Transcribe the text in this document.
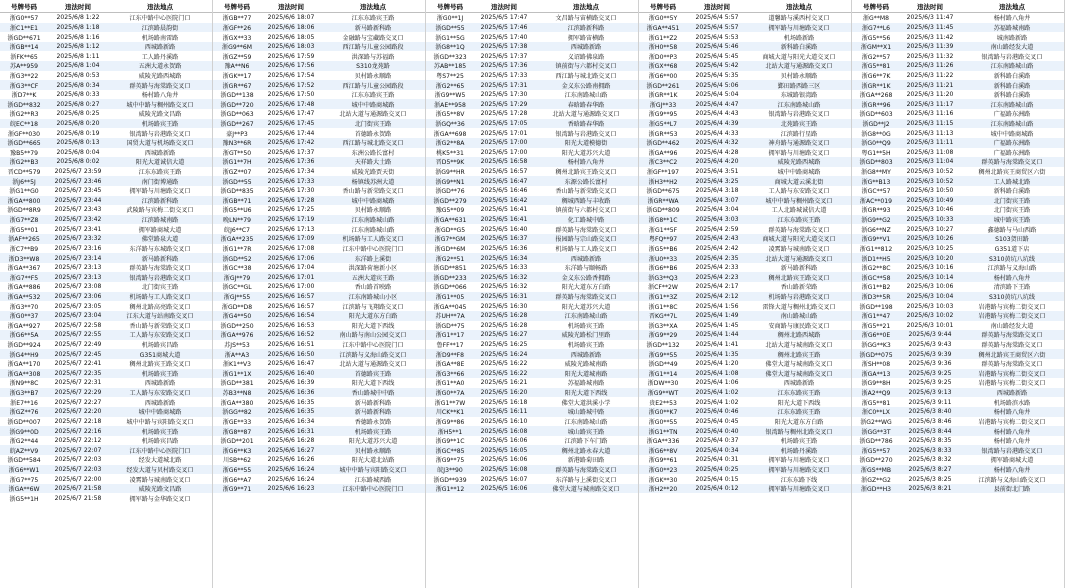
号牌号码	违法时间	违法地点
浙G0**57	2025/6/8 1:22	江东中路中心医院门口
浙C1**E1	2025/6/8 1:18	江滨路晨韵街
浙GD**671	2025/6/8 1:16	机场路南雷路
浙GB**14	2025/6/8 1:12	西城路新路
浙FK**65	2025/6/8 1:11	工人路丹溪路
苏A**959	2025/6/8 1:04	五洲大道永贺路
浙G3**22	2025/6/8 0:53	威陵光路西城路
浙G3**CF	2025/6/8 0:34	群英路与海棠路交叉口
浙D7**K	2025/6/8 0:33	杨村路八角井
浙GD**832	2025/6/8 0:27	城中中路与稠州路交叉口
浙G2**R3	2025/6/8 0:25	威陵光路文昌路
皖EC**18	2025/6/8 0:20	机场路宾王路
浙GF**030	2025/6/8 0:19	银湾路与岩港路交叉口
浙GD**665	2025/6/8 0:13	国贸大道与机场路交叉口
豫B5**79	2025/6/8 0:04	西城路新路
浙G2**B3	2025/6/8 0:02	阳光大道诚信大道
晋CD**579	2025/6/7 23:59	江东东路宾王路
浙J6**5J	2025/6/7 23:46	南门街博通路
浙G1**G0	2025/6/7 23:45	拥军路与川塘路交叉口
浙GA**800	2025/6/7 23:44	江滨路新科路
浙GD**8R9	2025/6/7 23:43	武陵路与宾梅二街交叉口
浙G7**Z8	2025/6/7 23:42	江滨路城南路
浙G5**01	2025/6/7 23:41	拥军路商城大道
浙AF**265	2025/6/7 23:32	佛堂路泉大道
浙C7**B9	2025/6/7 23:16	东洋路与东城路交叉口
浙D3**W8	2025/6/7 23:14	新马路新科路
浙GA**367	2025/6/7 23:13	群英路与海棠路交叉口
浙G7**F5	2025/6/7 23:13	银湾路与岩港路交叉口
浙GA**886	2025/6/7 23:08	北门街宾王路
浙GA**532	2025/6/7 23:06	机场路与工人路交叉口
浙G3**70	2025/6/7 23:05	稠州北路高亮路交叉口
浙G0**37	2025/6/7 23:04	江东大道与站南路交叉口
浙GA**927	2025/6/7 22:58	香山路与新荣路交叉口
浙G6**5A	2025/6/7 22:55	工人路与东安路交叉口
浙GD**924	2025/6/7 22:49	机场路宾昌路
浙G4**H9	2025/6/7 22:45	G351商城大道
浙GA**170	2025/6/7 22:41	稠州北路宾王路交叉口
浙GA**308	2025/6/7 22:35	机场路宾王路
浙N9**8C	2025/6/7 22:31	西城路新路
浙G3**B7	2025/6/7 22:29	工人路与东安路交叉口
浙E7**16	2025/6/7 22:27	西城路新路
浙GZ**76	2025/6/7 22:20	城中中路商城路
浙GD**007	2025/6/7 22:18	城中中路与宾阳路交叉口
浙G9**0D	2025/6/7 22:16	机场路宾王路
浙G2**44	2025/6/7 22:12	机场路宾昌路
皖AZ**V9	2025/6/7 22:07	江东中路中心医院门口
浙GD**584	2025/6/7 22:03	经发大道城北路
浙G6**W1	2025/6/7 22:03	经发大道与贝村路交叉口
浙G7**75	2025/6/7 22:00	凌霄路与城南路交叉口
浙GA**6W	2025/6/7 21:58	威陵光路文昌路
浙G5**1H	2025/6/7 21:58	拥军路与金华路交叉口
号牌号码	违法时间	违法地点
浙GB**77	2025/6/6 18:07	江东东路宾王路
浙GF**26	2025/6/6 18:06	新马路新科路
浙GX**33	2025/6/6 18:05	金融路与宝藏路交叉口
浙G9**6M	2025/6/6 18:03	西江路与儿童公园路段
浙GZ**59	2025/6/6 17:59	洪深路与苏福路
豫A**N6	2025/6/6 17:56	S310龙苑路
浙GK**17	2025/6/6 17:54	贝村路永顺路
浙GR**67	2025/6/6 17:52	西江路与儿童公园路段
浙GD**138	2025/6/6 17:50	江东东路宾王路
浙GD**720	2025/6/6 17:48	城中中路商城路
浙GD**063	2025/6/6 17:47	北站大道与通源路交叉口
浙GD**267	2025/6/6 17:45	北门街宾王路
豪J**P3	2025/6/6 17:44	首德路永贺路
豫N3**6R	2025/6/6 17:42	西江路与城北路交叉口
浙GT**50	2025/6/6 17:37	东洲公路长富村
浙G1**7H	2025/6/6 17:36	天祥路大土路
浙GZ**07	2025/6/6 17:34	威陵光路贾天街
浙GD**55	2025/6/6 17:33	杨镇线苏洲大道
浙GD**835	2025/6/6 17:30	香山路与新荣路交叉口
浙GB**71	2025/6/6 17:28	城中中路商城路
浙G5**U6	2025/6/6 17:25	贝村路永顺路
晚LN**79	2025/6/6 17:19	江东南路城山路
皖J6**C7	2025/6/6 17:13	江东南路城山路
浙GA**235	2025/6/6 17:09	机场路与工人路交叉口
浙G1**7R	2025/6/6 17:08	江东中路中心医院门口
浙GD**52	2025/6/6 17:06	东洋路上溪街
浙GC**38	2025/6/6 17:04	洪深路荷塘新小区
浙GJ**79	2025/6/6 17:01	五洲大道宾王路
浙GC**GL	2025/6/6 17:00	香山路首映路
浙GJ**55	2025/6/6 16:57	江东南路城山小区
浙GD**D8	2025/6/6 16:57	江滨路与飞翔路交叉口
浙G4**50	2025/6/6 16:54	阳光大道东方白路
浙GD**250	2025/6/6 16:53	阳光大道下西线
浙GA**976	2025/6/6 16:52	南山路与南山公园交叉口
苏JS**53	2025/6/6 16:51	江东中路中心医院门口
浙A**A3	2025/6/6 16:50	江滨路与义海山路交叉口
浙K1**V3	2025/6/6 16:47	北站大道与通源路交叉口
浙G1**1X	2025/6/6 16:40	首德路宾王路
浙GD**381	2025/6/6 16:39	阳光大道下西线
苏B3**N8	2025/6/6 16:36	香山路城中中路
浙GA**380	2025/6/6 16:35	新马路新科路
浙GG**82	2025/6/6 16:35	新马路新科路
浙GE**33	2025/6/6 16:34	香德路永贺路
浙G8**87	2025/6/6 16:31	机场路宾王路
浙GD**201	2025/6/6 16:28	阳光大道苏兴大道
浙G6**K3	2025/6/6 16:27	贝村路永顺路
川SB**62	2025/6/6 16:26	阳光大道北站路
浙G6**55	2025/6/6 16:24	城中中路与宾阳路交叉口
浙G6**A7	2025/6/6 16:24	江东路城西路
浙G9**71	2025/6/6 16:23	江东中路中心医院门口
号牌号码	违法时间	违法地点
浙G0**1J	2025/6/5 17:47	文昌路与宙横路交叉口
浙GD**55	2025/6/5 17:46	江滨路新科路
浙G1**5G	2025/6/5 17:40	拥军路宙横路
浙G8**1Q	2025/6/5 17:38	西城路新路
浙GD**323	2025/6/5 17:37	义诏路佛泉路
苏AB**185	2025/6/5 17:36	镇前街与六都村交叉口
粤S7**25	2025/6/5 17:33	西江路与城北路交叉口
浙G2**65	2025/6/5 17:31	金义东公路南拥路
浙G9**W5	2025/6/5 17:30	江东南路城山路
浙AE**958	2025/6/5 17:29	春晗路春华路
浙G5**8V	2025/6/5 17:28	北站大道与通源路交叉口
浙GQ**36	2025/6/5 17:05	香晗路春华路
浙GA**698	2025/6/5 17:01	银湾路与岩港路交叉口
浙G2**8A	2025/6/5 17:00	阳光大道模德街
桃K5**31	2025/6/5 17:00	阳光大道苏兴大道
晋D5**9K	2025/6/5 16:58	杨村路八角井
浙G9**HR	2025/6/5 16:57	稠州北路宾王路交叉口
浙G9**N1	2025/6/5 16:47	东源公路长富村
浙GD**76	2025/6/5 16:46	香山路与新荣路交叉口
浙GD**279	2025/6/5 16:42	稠城西路与丰收路
豫G5**09	2025/6/5 16:41	镇前街与六都村交叉口
浙GA**631	2025/6/5 16:41	化工路城中路
浙GD**G5	2025/6/5 16:40	群英路与海棠路交叉口
浙G7**GM	2025/6/5 16:37	报园路与宗山路交叉口
浙GD**6M	2025/6/5 16:36	机场路与工人路交叉口
浙G2**51	2025/6/5 16:34	西城路新路
浙GD**851	2025/6/5 16:33	东洋路与颐畅路
浙GD**233	2025/6/5 16:32	金义东公路香拥路
浙GD**066	2025/6/5 16:32	阳光大道东方白路
浙G1**05	2025/6/5 16:31	群英路与海棠路交叉口
浙GA**045	2025/6/5 16:30	阳光大道苏兴大道
苏UH**7A	2025/6/5 16:28	江东南路城山路
浙GD**75	2025/6/5 16:28	机场路宾王路
浙G1**17	2025/6/5 16:27	威陵光路松门里路
鲁FF**17	2025/6/5 16:25	机场路宾王路
浙D9**F8	2025/6/5 16:24	西城路新路
浙GA**8E	2025/6/5 16:22	威陵光路城南路
浙G3**66	2025/6/5 16:22	阳光大道城南路
浙G1**A0	2025/6/5 16:21	苏福路城南路
浙G0**7A	2025/6/5 16:20	阳光大道下西线
浙G1**7W	2025/6/5 16:18	佛堂大道洪溪小学
川CK**K1	2025/6/5 16:11	城山路城中路
浙G9**86	2025/6/5 16:10	江东南路城山路
浙H5**1	2025/6/5 16:08	城山路宾王路
浙G9**1C	2025/6/5 16:06	江滨路下车门路
浙GC**85	2025/6/5 16:05	稠州北路永春大道
浙G9**75	2025/6/5 16:06	新港路菊田路
皖J3**90	2025/6/5 16:08	群英路与海棠路交叉口
浙GD**939	2025/6/5 16:07	东洋路与上溪街交叉口
浙G1**12	2025/6/5 16:06	佛堂大道与城南路交叉口
号牌号码	违法时间	违法地点
浙G0**5Y	2025/6/4 5:57	道馨路与溪西村交叉口
浙GA**451	2025/6/4 5:57	拥军路与川塘路交叉口
浙G1**Z2	2025/6/4 5:53	机场路新路
浙H0**58	2025/6/4 5:46	新科路白溪路
浙D0**P3	2025/6/4 5:45	商城大道与阳光大道交叉口
浙GX**68	2025/6/4 5:42	北站大道与通源路交叉口
浙G6**00	2025/6/4 5:35	贝村路永顺路
浙GD**261	2025/6/4 5:06	鄞田路西路三区
浙GR**1K	2025/6/4 5:04	东城路银湾路
浙GJ**33	2025/6/4 4:47	江东南路城山路
浙G9**95	2025/6/4 4:43	银湾路与岩港路交叉口
浙G5**L7	2025/6/4 4:39	北苑路宾王路
浙GR**53	2025/6/4 4:33	江滨路行星路
浙GD**462	2025/6/4 4:32	神舟路与通源路交叉口
浙GA**96	2025/6/4 4:28	拥军路与川塘路交叉口
浙C3**C2	2025/6/4 4:20	威陵光路西城路
浙GF**197	2025/6/4 3:51	城中中路商城路
浙H3**H2	2025/6/4 3:25	商城大道云溪北街
浙GD**675	2025/6/4 3:18	工人路与东安路交叉口
浙GR**WA	2025/6/4 3:07	城中中路与稠州路交叉口
浙GD**809	2025/6/4 3:04	工人北路城诚信大道
浙G8**1C	2025/6/4 3:03	江东东路宾王路
浙G1**5F	2025/6/4 2:59	群英路与海棠路交叉口
粤FQ**97	2025/6/4 2:43	商城大道与阳光大道交叉口
浙G5**B6	2025/6/4 2:42	凌霄路与城南路交叉口
浙U0**33	2025/6/4 2:35	北站大道与通源路交叉口
浙G6**B6	2025/6/4 2:33	新马路新科路
浙G3**Q3	2025/6/4 2:23	稠州北路宾王路交叉口
浙CF**2W	2025/6/4 2:17	香山路新荣路
浙G1**3Z	2025/6/4 2:12	机场路与岩港路交叉口
浙G1**8C	2025/6/4 1:56	雷锋大道与稠州北路交叉口
晋KG**7L	2025/6/4 1:49	南山路城山路
浙G3**XA	2025/6/4 1:45	安商路与康民路交叉口
浙G9**29	2025/6/4 1:44	稠州北路西城路
浙GD**132	2025/6/4 1:41	北站大道与城南路交叉口
浙G9**55	2025/6/4 1:35	稠州北路宾王路
浙GD**49	2025/6/4 1:20	佛堂大道与城南路交叉口
浙G1**14	2025/6/4 1:08	佛堂大道与城南路交叉口
浙DW**30	2025/6/4 1:06	西城路新路
浙G9**WT	2025/6/4 1:02	江东东路宾王路
贵E2**53	2025/6/4 1:02	阳光大道下西线
浙G0**K7	2025/6/4 0:46	江东东路宾王路
浙G0**55	2025/6/4 0:45	阳光大道东方白路
浙G1**TN	2025/6/4 0:40	银湾路与稠州北路交叉口
浙GA**336	2025/6/4 0:37	机场路宾王路
浙G6**8V	2025/6/4 0:34	机场路丹溪路
浙G9**61	2025/6/4 0:31	拥军路与川塘路交叉口
浙G0**23	2025/6/4 0:25	拥军路与川塘路交叉口
浙GK**30	2025/6/4 0:15	江东东路下线
浙H2**20	2025/6/4 0:12	拥军路与川塘路交叉口
号牌号码	违法时间	违法地点
浙G**M8	2025/6/3 11:47	杨村路八角井
浙G7**L6	2025/6/3 11:45	苏福路城南路
浙G5**56	2025/6/3 11:42	城南路新路
浙GM**X1	2025/6/3 11:39	南山路经发大道
浙G2**57	2025/6/3 11:32	银湾路与岩港路交叉口
浙G5**81	2025/6/3 11:26	江东南路城山路
浙G6**7K	2025/6/3 11:22	新科路白溪路
浙GR**1K	2025/6/3 11:21	新科路白溪路
浙GA**268	2025/6/3 11:20	新科路白溪路
浙GR**96	2025/6/3 11:17	江东南路城山路
浙GD**603	2025/6/3 11:16	广福路东洲路
浙GD**J2	2025/6/3 11:15	江东南路城山路
浙G8**0G	2025/6/3 11:13	城中中路商城路
浙G0**Q9	2025/6/3 11:11	广福路东洲路
粤G1**5H	2025/6/3 11:08	广福路东洲路
浙GD**803	2025/6/3 11:04	群英路与海棠路交叉口
浙G8**MY	2025/6/3 10:52	稠州北路宾王商贸区六街
浙G**B13	2025/6/3 10:52	工人路城北路
浙GC**57	2025/6/3 10:50	新科路白溪路
浙AC**019	2025/6/3 10:49	北门街宾王路
浙GR**93	2025/6/3 10:46	北门街宾王路
浙G9**G2	2025/6/3 10:33	城中路宾王路
浙G6**NZ	2025/6/3 10:27	鑫德路与马山西路
浙G9**V1	2025/6/3 10:26	S103贺田路
浙G1**812	2025/6/3 10:25	G351道下店
浙D1**H5	2025/6/3 10:20	S310黄坑八坑线
浙G2**8C	2025/6/3 10:16	江滨路与义海山路
浙GC**58	2025/6/3 10:14	杨村路八角井
浙G1**B2	2025/6/3 10:06	清滨路下王路
浙D3**5R	2025/6/3 10:04	S310黄坑八坑线
浙GD**198	2025/6/3 10:03	岩港路与宾梅二街交叉口
浙G1**47	2025/6/3 10:02	岩港路与宾梅二街交叉口
浙G5**21	2025/6/3 10:01	南山路经发大道
浙G6**0E	2025/6/3 9:44	群英路与海棠路交叉口
浙GG**K3	2025/6/3 9:43	群英路与海棠路交叉口
浙GD**075	2025/6/3 9:39	稠州北路宾王商贸区六街
浙SH**08	2025/6/3 9:36	群英路与海棠路交叉口
浙GA**13	2025/6/3 9:25	岩港路与宾梅二街交叉口
浙G9**8H	2025/6/3 9:25	岩港路与宾梅二街交叉口
浙A2**Q9	2025/6/3 9:13	西城路新路
浙G5**81	2025/6/3 9:11	机场路滨水路
浙C0**LX	2025/6/3 8:40	杨村路八角井
浙G2**WG	2025/6/3 8:46	岩港路与宾梅二街交叉口
浙GG**3T	2025/6/3 8:44	杨村路八角井
浙GD**786	2025/6/3 8:35	杨村路八角井
浙G5**57	2025/6/3 8:33	银湾路与岩港路交叉口
浙GD**270	2025/6/3 8:32	拥军路商城大道
浙GS**MB	2025/6/3 8:27	杨村路八角井
浙GZ**G2	2025/6/3 8:25	江滨路与义海山路交叉口
浙GD**H3	2025/6/3 8:21	县前街北门路
